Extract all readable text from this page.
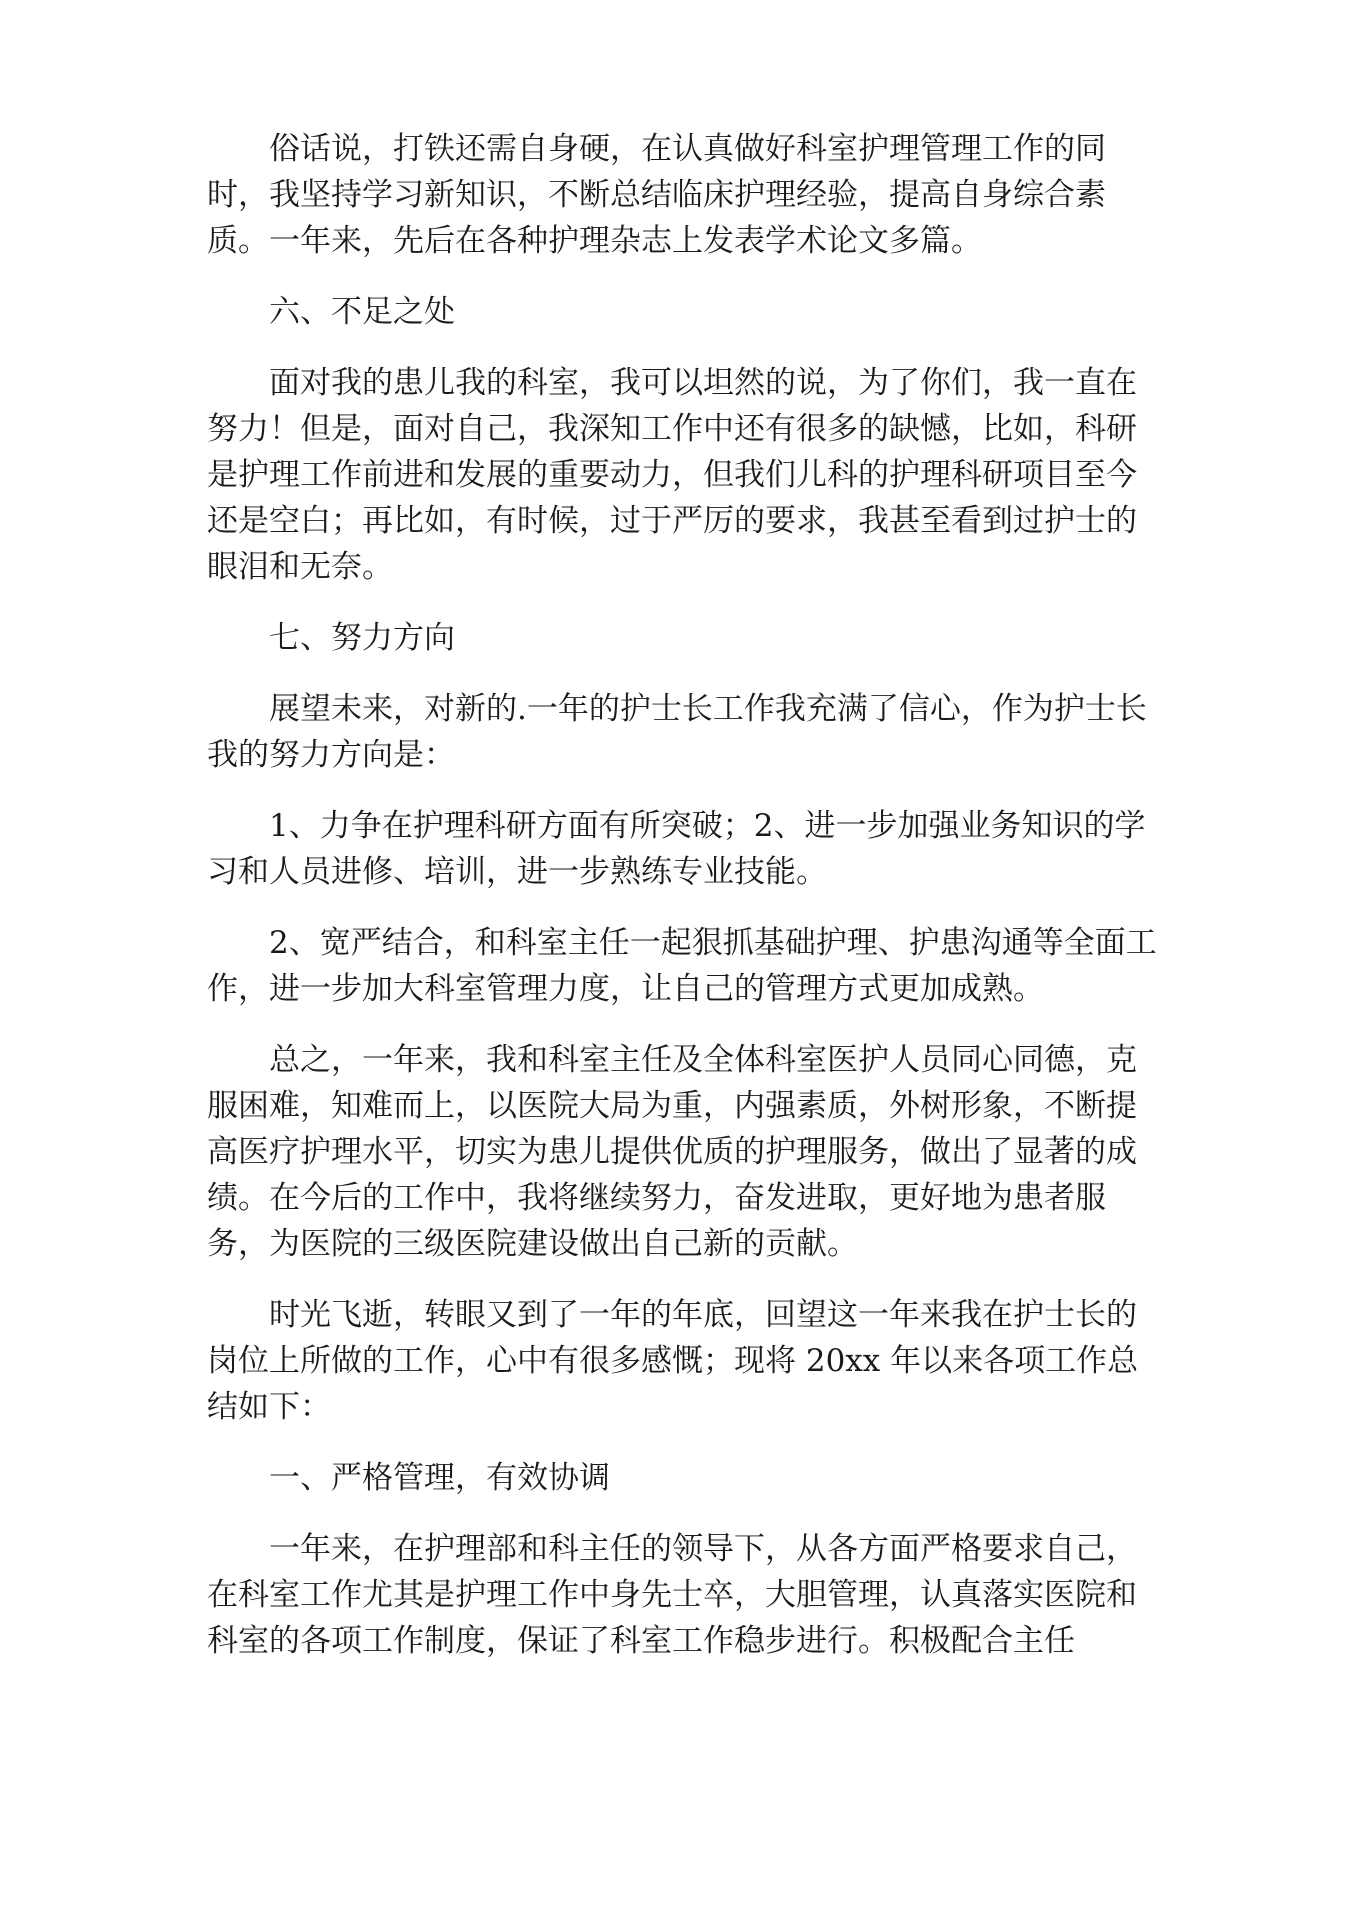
俗话说，打铁还需自身硬，在认真做好科室护理管理工作的同时，我坚持学习新知识，不断总结临床护理经验，提高自身综合素质。一年来，先后在各种护理杂志上发表学术论文多篇。

六、不足之处

面对我的患儿我的科室，我可以坦然的说，为了你们，我一直在努力！但是，面对自己，我深知工作中还有很多的缺憾，比如，科研是护理工作前进和发展的重要动力，但我们儿科的护理科研项目至今还是空白；再比如，有时候，过于严厉的要求，我甚至看到过护士的眼泪和无奈。

七、努力方向

展望未来，对新的.一年的护士长工作我充满了信心，作为护士长我的努力方向是：

1、力争在护理科研方面有所突破；2、进一步加强业务知识的学习和人员进修、培训，进一步熟练专业技能。

2、宽严结合，和科室主任一起狠抓基础护理、护患沟通等全面工作，进一步加大科室管理力度，让自己的管理方式更加成熟。

总之，一年来，我和科室主任及全体科室医护人员同心同德，克服困难，知难而上，以医院大局为重，内强素质，外树形象，不断提高医疗护理水平，切实为患儿提供优质的护理服务，做出了显著的成绩。在今后的工作中，我将继续努力，奋发进取，更好地为患者服务，为医院的三级医院建设做出自己新的贡献。

时光飞逝，转眼又到了一年的年底，回望这一年来我在护士长的岗位上所做的工作，心中有很多感慨；现将 20xx 年以来各项工作总结如下：

一、严格管理，有效协调

一年来，在护理部和科主任的领导下，从各方面严格要求自己，在科室工作尤其是护理工作中身先士卒，大胆管理，认真落实医院和科室的各项工作制度，保证了科室工作稳步进行。积极配合主任
